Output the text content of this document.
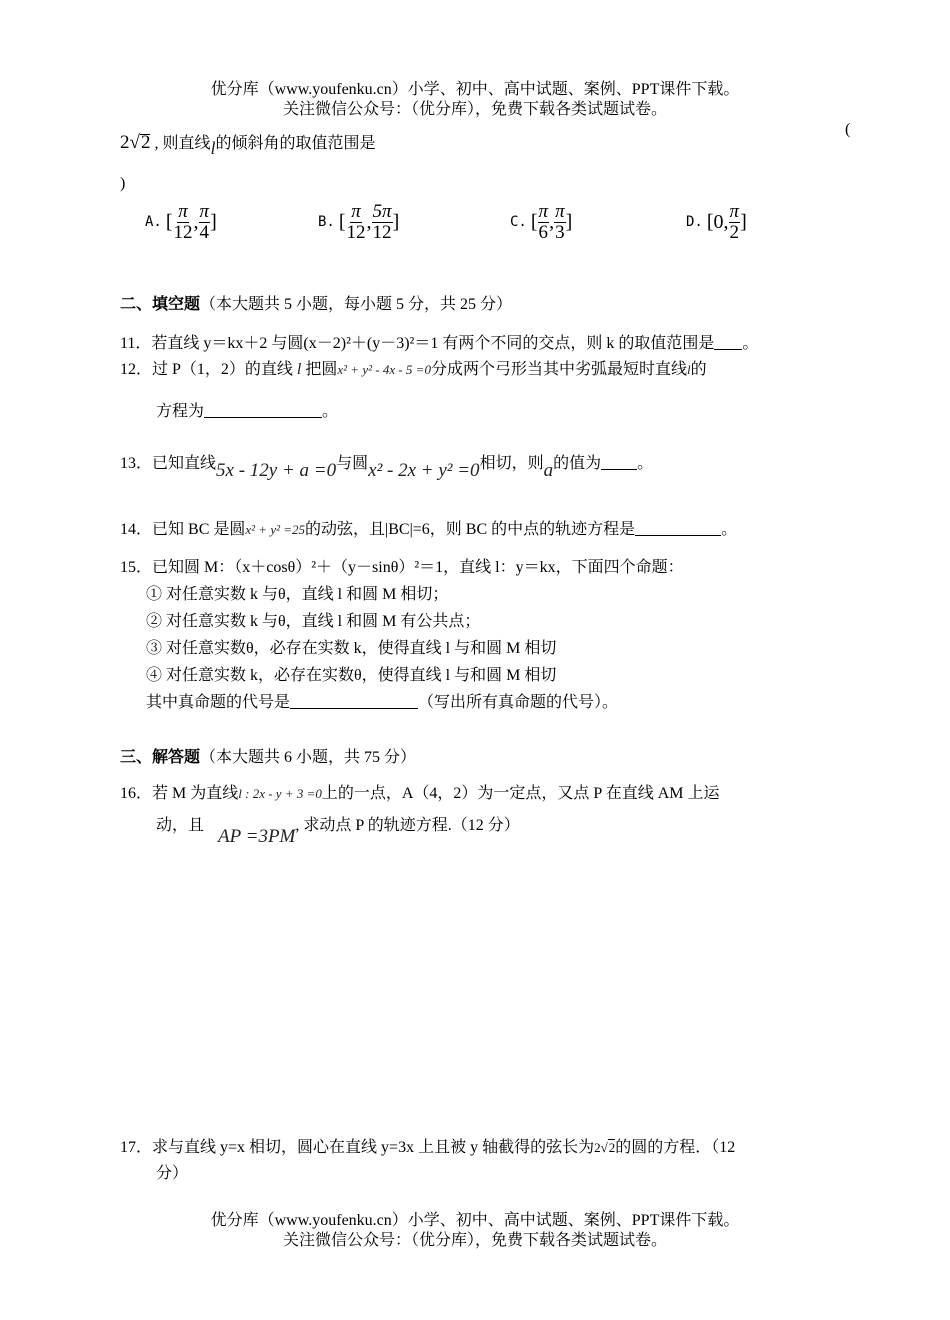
优分库（www.youfenku.cn）小学、初中、高中试题、案例、PPT课件下载。
关注微信公众号：（优分库），免费下载各类试题试卷。
2√2 , 则直线l的倾斜角的取值范围是
(
)
A. [ $\frac{\pi}{12}$ , $\frac{\pi}{4}$ ]	B. [ $\frac{\pi}{12}$ , $\frac{5\pi}{12}$ ]	C. [ $\frac{\pi}{6}$ , $\frac{\pi}{3}$ ]	D. [0, $\frac{\pi}{2}$ ]
二、填空题（本大题共 5 小题，每小题 5 分，共 25 分）
11．若直线 y＝kx＋2 与圆(x－2)²＋(y－3)²＝1 有两个不同的交点，则 k 的取值范围是 。
12．过 P（1，2）的直线 l 把圆x² + y² - 4x - 5 =0分成两个弓形当其中劣弧最短时直线l的
方程为	。
13．已知直线5x - 12y + a =0与圆x² - 2x + y² =0相切，则a的值为 。
14．已知 BC 是圆x² + y² =25的动弦，且|BC|=6，则 BC 的中点的轨迹方程是	。
15．已知圆 M：（x＋cosθ）²＋（y－sinθ）²＝1，直线 l：y＝kx，下面四个命题：
① 对任意实数 k 与θ，直线 l 和圆 M 相切；
② 对任意实数 k 与θ，直线 l 和圆 M 有公共点；
③ 对任意实数θ，必存在实数 k，使得直线 l 与和圆 M 相切
④ 对任意实数 k，必存在实数θ，使得直线 l 与和圆 M 相切
其中真命题的代号是	（写出所有真命题的代号）。
三、解答题（本大题共 6 小题，共 75 分）
16．若 M 为直线l : 2x - y + 3 =0上的一点，A（4，2）为一定点，又点 P 在直线 AM 上运
动，且AP =3PM, 求动点 P 的轨迹方程.（12 分）
17．求与直线 y=x 相切，圆心在直线 y=3x 上且被 y 轴截得的弦长为2√2的圆的方程．（12
分）
优分库（www.youfenku.cn）小学、初中、高中试题、案例、PPT课件下载。
关注微信公众号：（优分库），免费下载各类试题试卷。
